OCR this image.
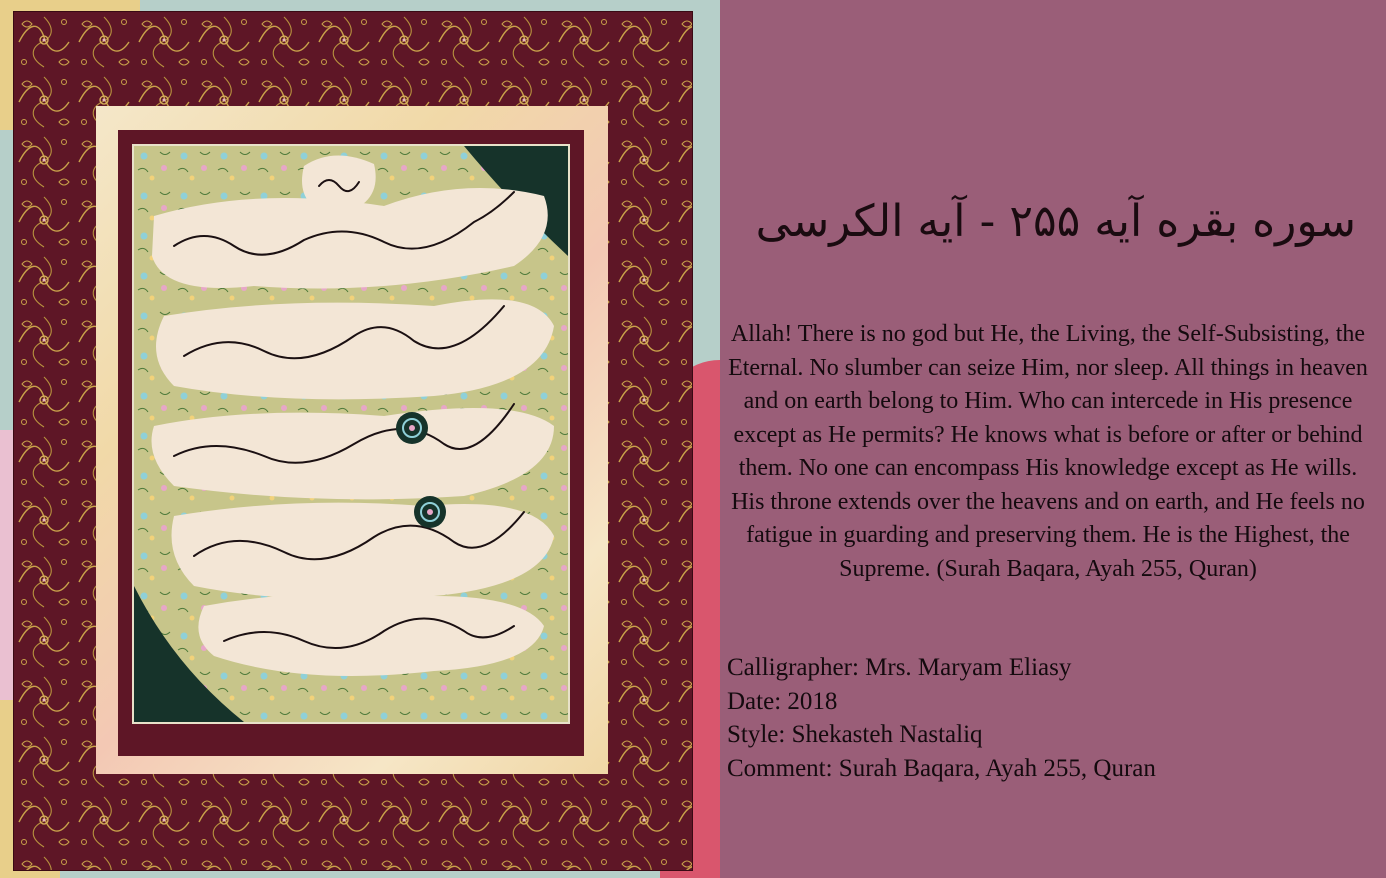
سوره بقره آیه ۲۵۵ - آیه الکرسی
Allah! There is no god but He, the Living, the Self-Subsisting, the Eternal. No slumber can seize Him, nor sleep. All things in heaven and on earth belong to Him. Who can intercede in His presence except as He permits? He knows what is before or after or behind them. No one can encompass His knowledge except as He wills. His throne extends over the heavens and on earth, and He feels no fatigue in guarding and preserving them. He is the Highest, the Supreme. (Surah Baqara, Ayah 255, Quran)
Calligrapher: Mrs. Maryam Eliasy
Date: 2018
Style: Shekasteh Nastaliq
Comment: Surah Baqara, Ayah 255, Quran
